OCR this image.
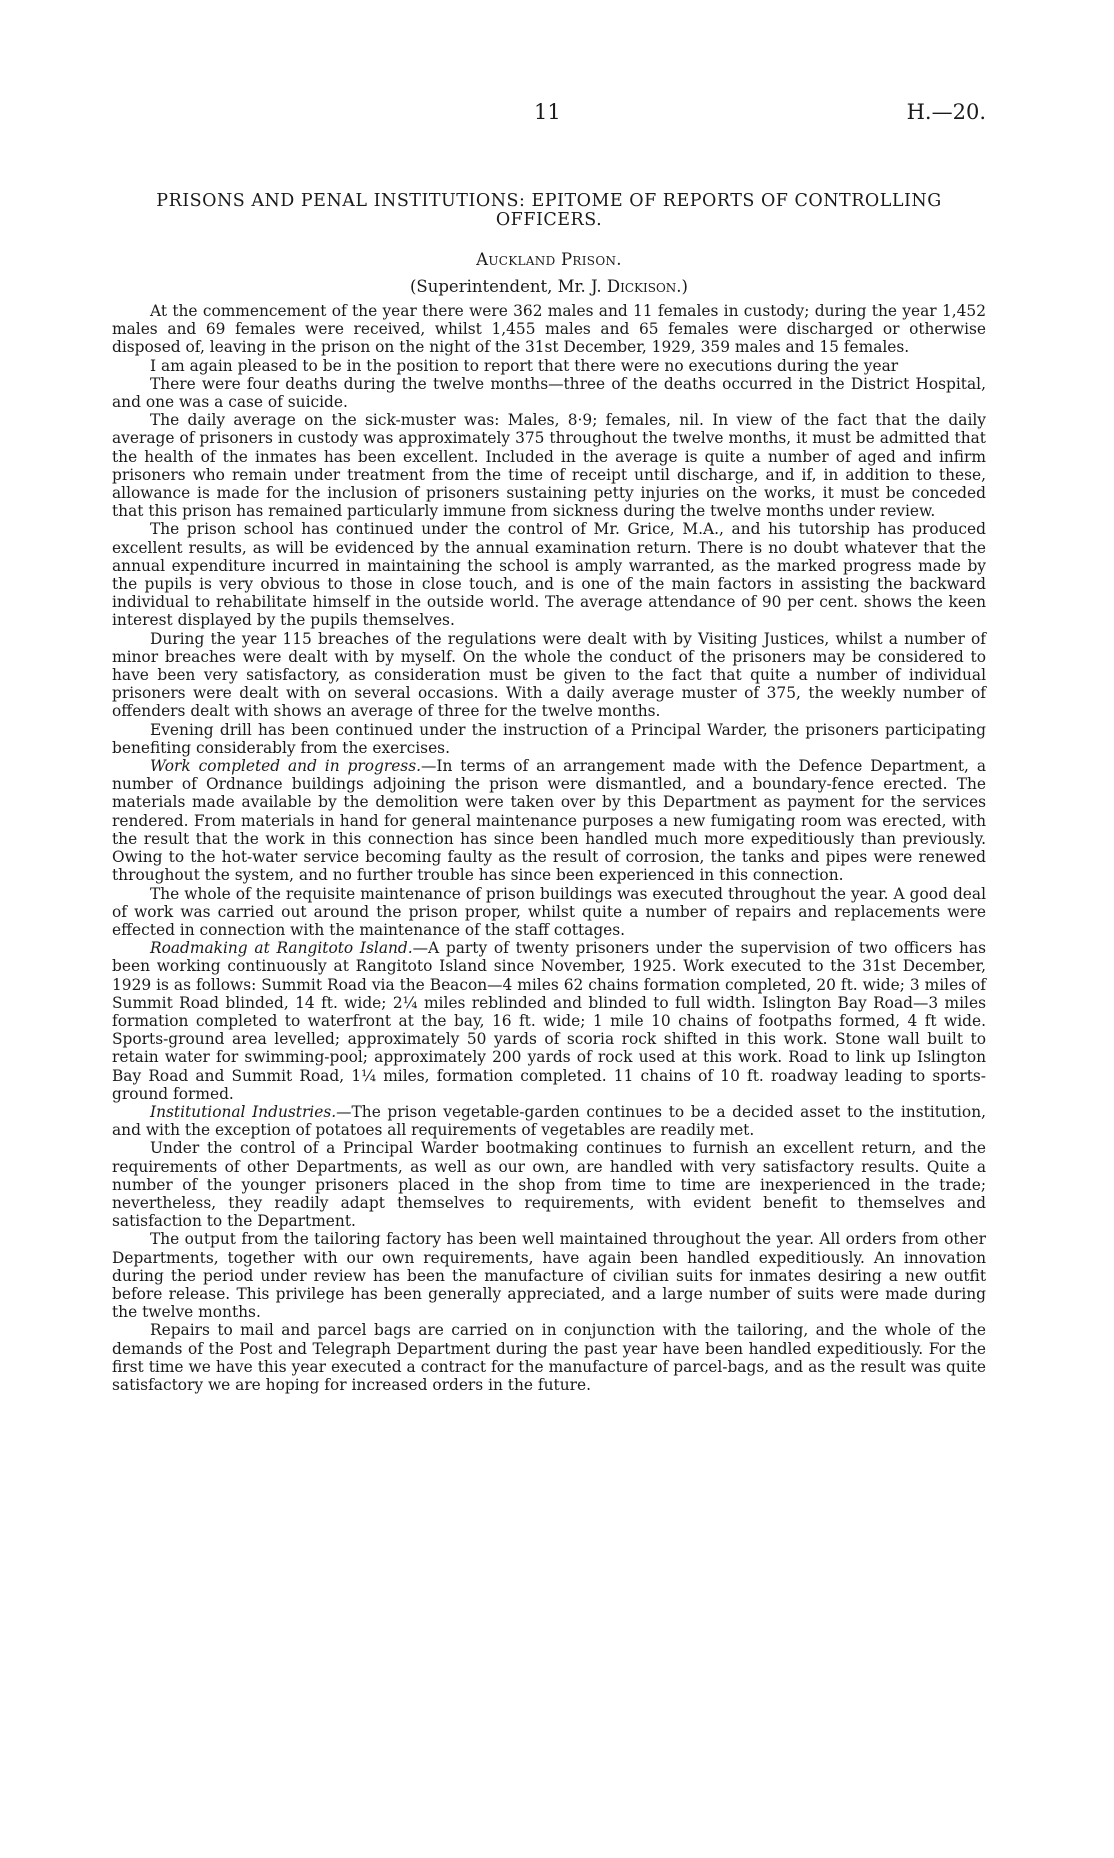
11	H.—20.
PRISONS AND PENAL INSTITUTIONS: EPITOME OF REPORTS OF CONTROLLING OFFICERS.
Auckland Prison.
(Superintendent, Mr. J. Dickison.)

At the commencement of the year there were 362 males and 11 females in custody; during the year 1,452 males and 69 females were received, whilst 1,455 males and 65 females were discharged or otherwise disposed of, leaving in the prison on the night of the 31st December, 1929, 359 males and 15 females.

I am again pleased to be in the position to report that there were no executions during the year

There were four deaths during the twelve months—three of the deaths occurred in the District Hospital, and one was a case of suicide.

The daily average on the sick-muster was: Males, 8·9; females, nil. In view of the fact that the daily average of prisoners in custody was approximately 375 throughout the twelve months, it must be admitted that the health of the inmates has been excellent. Included in the average is quite a number of aged and infirm prisoners who remain under treatment from the time of receipt until discharge, and if, in addition to these, allowance is made for the inclusion of prisoners sustaining petty injuries on the works, it must be conceded that this prison has remained particularly immune from sickness during the twelve months under review.

The prison school has continued under the control of Mr. Grice, M.A., and his tutorship has produced excellent results, as will be evidenced by the annual examination return. There is no doubt whatever that the annual expenditure incurred in maintaining the school is amply warranted, as the marked progress made by the pupils is very obvious to those in close touch, and is one of the main factors in assisting the backward individual to rehabilitate himself in the outside world. The average attendance of 90 per cent. shows the keen interest displayed by the pupils themselves.

During the year 115 breaches of the regulations were dealt with by Visiting Justices, whilst a number of minor breaches were dealt with by myself. On the whole the conduct of the prisoners may be considered to have been very satisfactory, as consideration must be given to the fact that quite a number of individual prisoners were dealt with on several occasions. With a daily average muster of 375, the weekly number of offenders dealt with shows an average of three for the twelve months.

Evening drill has been continued under the instruction of a Principal Warder, the prisoners participating benefiting considerably from the exercises.

Work completed and in progress.—In terms of an arrangement made with the Defence Department, a number of Ordnance buildings adjoining the prison were dismantled, and a boundary-fence erected. The materials made available by the demolition were taken over by this Department as payment for the services rendered. From materials in hand for general maintenance purposes a new fumigating room was erected, with the result that the work in this connection has since been handled much more expeditiously than previously. Owing to the hot-water service becoming faulty as the result of corrosion, the tanks and pipes were renewed throughout the system, and no further trouble has since been experienced in this connection.

The whole of the requisite maintenance of prison buildings was executed throughout the year. A good deal of work was carried out around the prison proper, whilst quite a number of repairs and replacements were effected in connection with the maintenance of the staff cottages.

Roadmaking at Rangitoto Island.—A party of twenty prisoners under the supervision of two officers has been working continuously at Rangitoto Island since November, 1925. Work executed to the 31st December, 1929 is as follows: Summit Road via the Beacon—4 miles 62 chains formation completed, 20 ft. wide; 3 miles of Summit Road blinded, 14 ft. wide; 2¼ miles reblinded and blinded to full width. Islington Bay Road—3 miles formation completed to waterfront at the bay, 16 ft. wide; 1 mile 10 chains of footpaths formed, 4 ft wide. Sports-ground area levelled; approximately 50 yards of scoria rock shifted in this work. Stone wall built to retain water for swimming-pool; approximately 200 yards of rock used at this work. Road to link up Islington Bay Road and Summit Road, 1¼ miles, formation completed. 11 chains of 10 ft. roadway leading to sports-ground formed.

Institutional Industries.—The prison vegetable-garden continues to be a decided asset to the institution, and with the exception of potatoes all requirements of vegetables are readily met.

Under the control of a Principal Warder bootmaking continues to furnish an excellent return, and the requirements of other Departments, as well as our own, are handled with very satisfactory results. Quite a number of the younger prisoners placed in the shop from time to time are inexperienced in the trade; nevertheless, they readily adapt themselves to requirements, with evident benefit to themselves and satisfaction to the Department.

The output from the tailoring factory has been well maintained throughout the year. All orders from other Departments, together with our own requirements, have again been handled expeditiously. An innovation during the period under review has been the manufacture of civilian suits for inmates desiring a new outfit before release. This privilege has been generally appreciated, and a large number of suits were made during the twelve months.

Repairs to mail and parcel bags are carried on in conjunction with the tailoring, and the whole of the demands of the Post and Telegraph Department during the past year have been handled expeditiously. For the first time we have this year executed a contract for the manufacture of parcel-bags, and as the result was quite satisfactory we are hoping for increased orders in the future.
